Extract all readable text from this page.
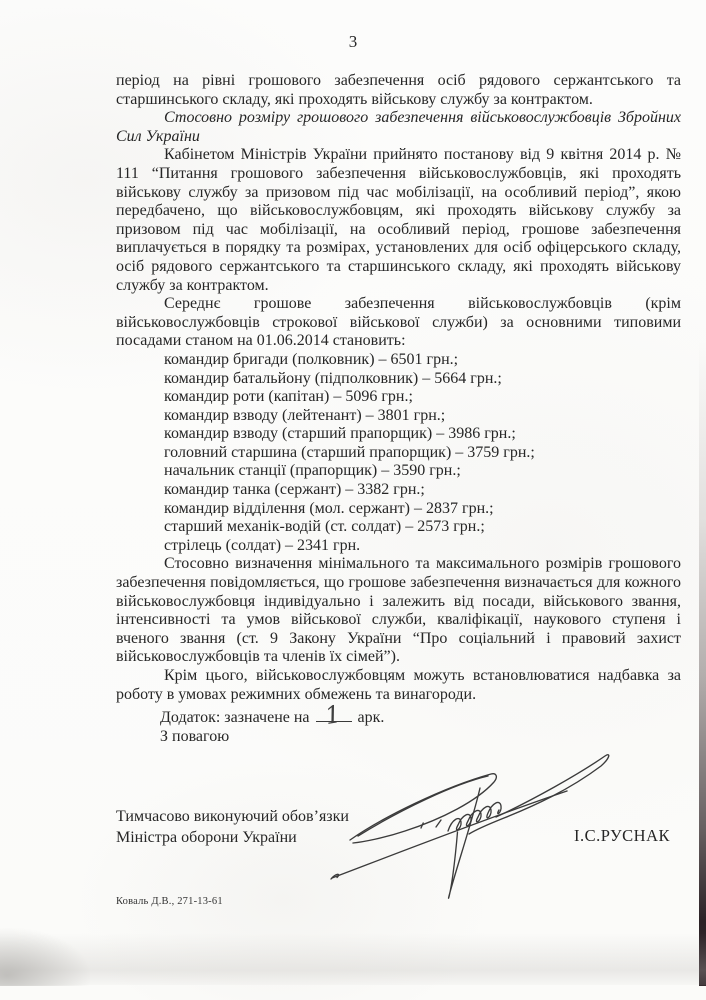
3

період на рівні грошового забезпечення осіб рядового сержантського та старшинського складу, які проходять військову службу за контрактом.

Стосовно розміру грошового забезпечення військовослужбовців Збройних Сил України

Кабінетом Міністрів України прийнято постанову від 9 квітня 2014 р. № 111 “Питання грошового забезпечення військовослужбовців, які проходять військову службу за призовом під час мобілізації, на особливий період”, якою передбачено, що військовослужбовцям, які проходять військову службу за призовом під час мобілізації, на особливий період, грошове забезпечення виплачується в порядку та розмірах, установлених для осіб офіцерського складу, осіб рядового сержантського та старшинського складу, які проходять військову службу за контрактом.

Середнє грошове забезпечення військовослужбовців (крім військовослужбовців строкової військової служби) за основними типовими посадами станом на 01.06.2014 становить:

командир бригади (полковник) – 6501 грн.;
командир батальйону (підполковник) – 5664 грн.;
командир роти (капітан) – 5096 грн.;
командир взводу (лейтенант) – 3801 грн.;
командир взводу (старший прапорщик) – 3986 грн.;
головний старшина (старший прапорщик) – 3759 грн.;
начальник станції (прапорщик) – 3590 грн.;
командир танка (сержант) – 3382 грн.;
командир відділення (мол. сержант) – 2837 грн.;
старший механік-водій (ст. солдат) – 2573 грн.;
стрілець (солдат) – 2341 грн.

Стосовно визначення мінімального та максимального розмірів грошового забезпечення повідомляється, що грошове забезпечення визначається для кожного військовослужбовця індивідуально і залежить від посади, військового звання, інтенсивності та умов військової служби, кваліфікації, наукового ступеня і вченого звання (ст. 9 Закону України “Про соціальний і правовий захист військовослужбовців та членів їх сімей”).

Крім цього, військовослужбовцям можуть встановлюватися надбавка за роботу в умовах режимних обмежень та винагороди.

Додаток: зазначене на 1 арк.

З повагою

Тимчасово виконуючий обов’язки
Міністра оборони України	І.С.РУСНАК
Коваль Д.В., 271-13-61
